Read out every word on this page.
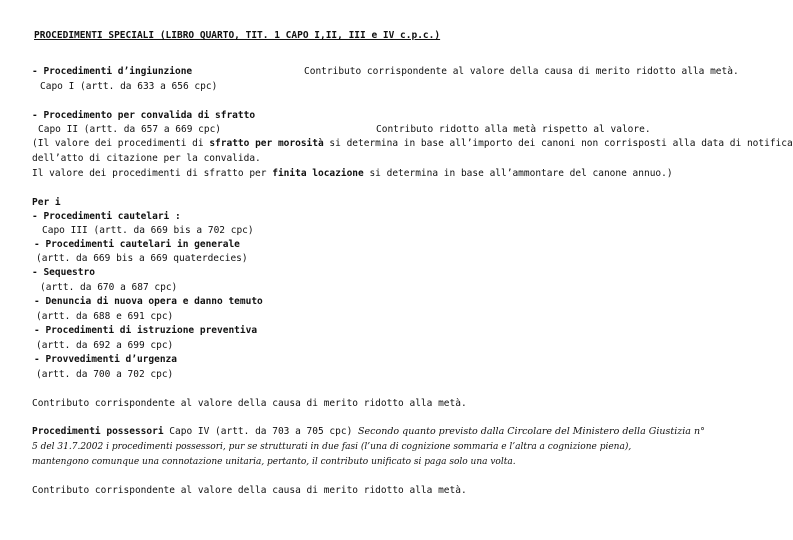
PROCEDIMENTI SPECIALI (LIBRO QUARTO, TIT. 1 CAPO I,II, III e IV c.p.c.)
- Procedimenti d’ingiunzione	Contributo corrispondente al valore della causa di merito ridotto alla metà.
Capo I (artt. da 633 a 656 cpc)
- Procedimento per convalida di sfratto
Capo II (artt. da 657 a 669 cpc)	Contributo ridotto alla metà rispetto al valore.
(Il valore dei procedimenti di sfratto per morosità si determina in base all’importo dei canoni non corrisposti alla data di notifica
dell’atto di citazione per la convalida.
Il valore dei procedimenti di sfratto per finita locazione si determina in base all’ammontare del canone annuo.)
Per i
- Procedimenti cautelari :
Capo III (artt. da 669 bis a 702 cpc)
- Procedimenti cautelari in generale
(artt. da 669 bis a 669 quaterdecies)
- Sequestro
(artt. da 670 a 687 cpc)
- Denuncia di nuova opera e danno temuto
(artt. da 688 e 691 cpc)
- Procedimenti di istruzione preventiva
(artt. da 692 a 699 cpc)
- Provvedimenti d’urgenza
(artt. da 700 a 702 cpc)
Contributo corrispondente al valore della causa di merito ridotto alla metà.
Procedimenti possessori Capo IV (artt. da 703 a 705 cpc) Secondo quanto previsto dalla Circolare del Ministero della Giustizia n°
5 del 31.7.2002 i procedimenti possessori, pur se strutturati in due fasi (l’una di cognizione sommaria e l’altra a cognizione piena),
mantengono comunque una connotazione unitaria, pertanto, il contributo unificato si paga solo una volta.
Contributo corrispondente al valore della causa di merito ridotto alla metà.
